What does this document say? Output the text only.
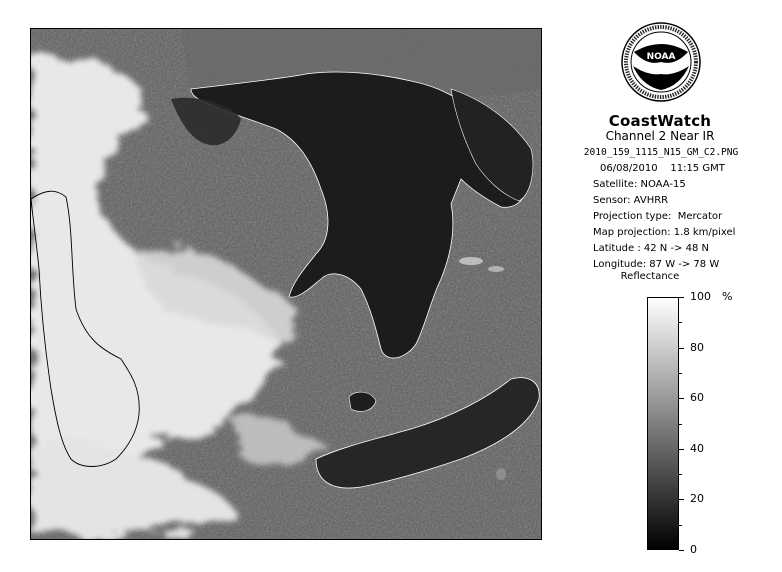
NOAA
CoastWatch
Channel 2 Near IR
2010_159_1115_N15_GM_C2.PNG
06/08/2010    11:15 GMT
Satellite: NOAA-15
Sensor: AVHRR
Projection type:  Mercator
Map projection: 1.8 km/pixel
Latitude : 42 N -> 48 N
Longitude: 87 W -> 78 W
Reflectance
%
100
80
60
40
20
0
